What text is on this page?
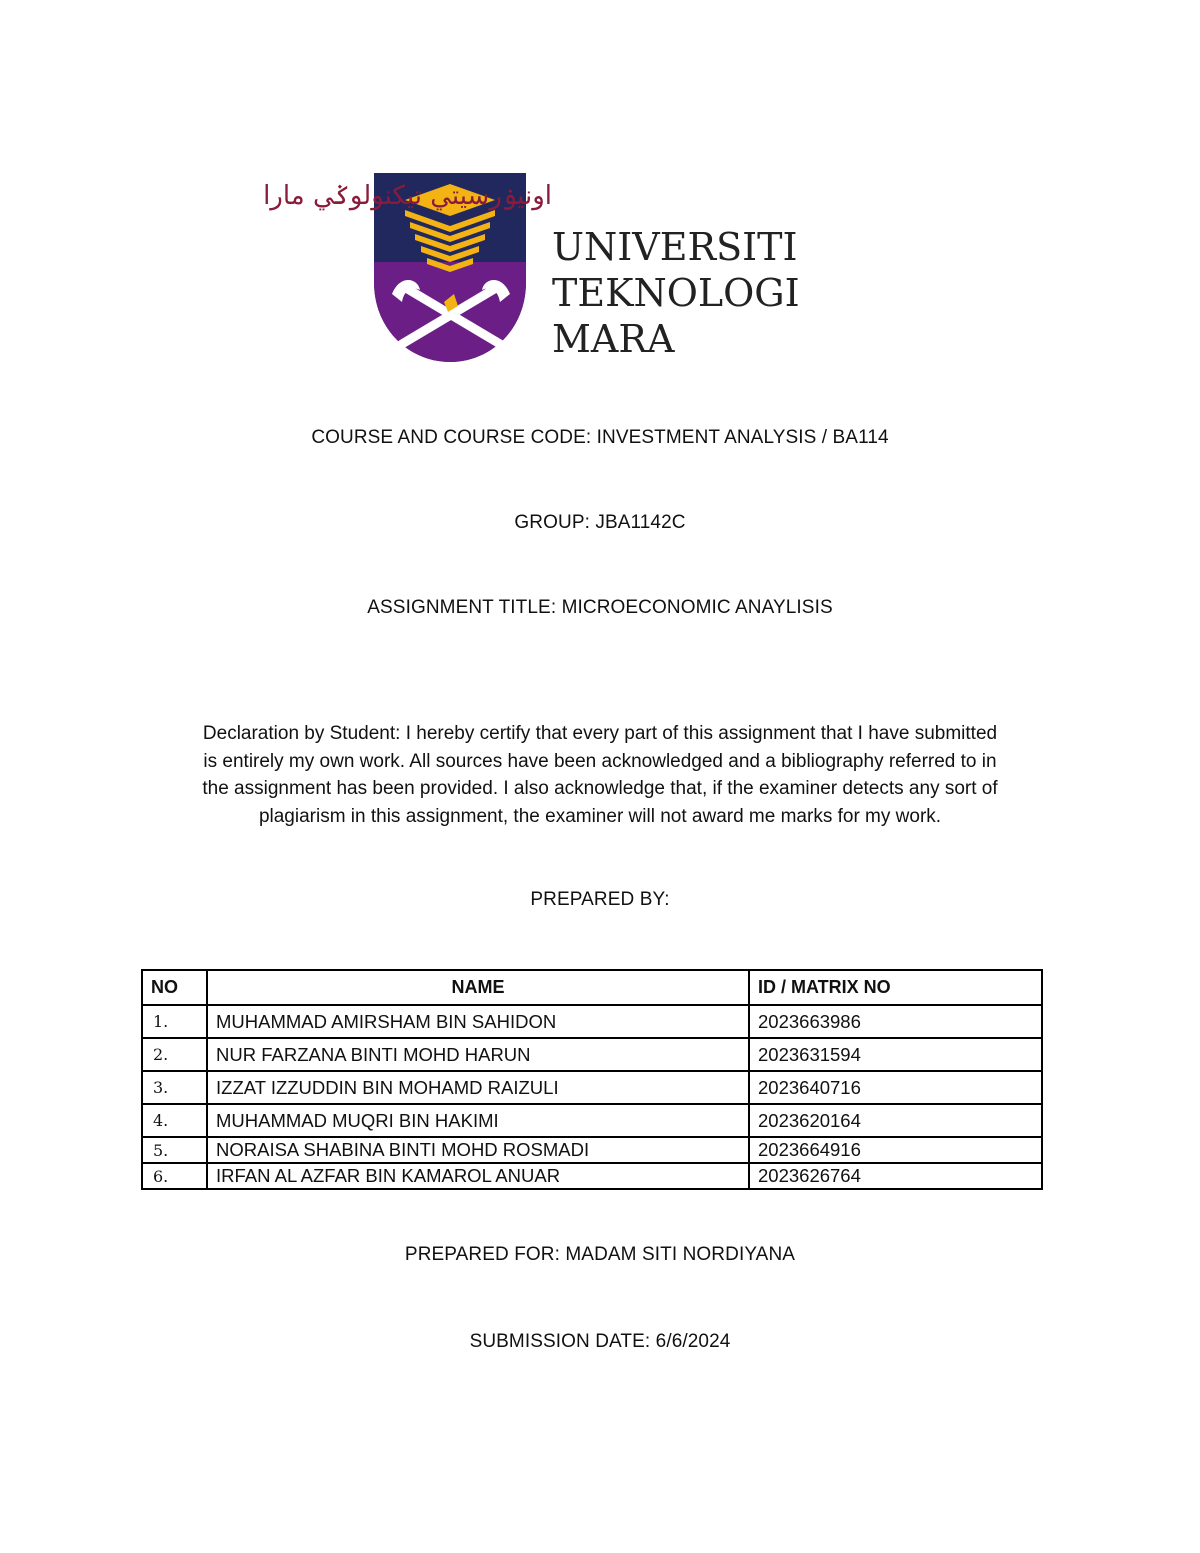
اونيۏرسيتي تيكنولوݢي مارا
UNIVERSITI
TEKNOLOGI
MARA
COURSE AND COURSE CODE: INVESTMENT ANALYSIS / BA114
GROUP: JBA1142C
ASSIGNMENT TITLE: MICROECONOMIC ANAYLISIS
Declaration by Student: I hereby certify that every part of this assignment that I have submitted
is entirely my own work. All sources have been acknowledged and a bibliography referred to in
the assignment has been provided. I also acknowledge that, if the examiner detects any sort of
plagiarism in this assignment, the examiner will not award me marks for my work.
PREPARED BY:
NO	NAME	ID / MATRIX NO
1.	MUHAMMAD AMIRSHAM BIN SAHIDON	2023663986
2.	NUR FARZANA BINTI MOHD HARUN	2023631594
3.	IZZAT IZZUDDIN BIN MOHAMD RAIZULI	2023640716
4.	MUHAMMAD MUQRI BIN HAKIMI	2023620164
5.	NORAISA SHABINA BINTI MOHD ROSMADI	2023664916
6.	IRFAN AL AZFAR BIN KAMAROL ANUAR	2023626764
PREPARED FOR: MADAM SITI NORDIYANA
SUBMISSION DATE: 6/6/2024
